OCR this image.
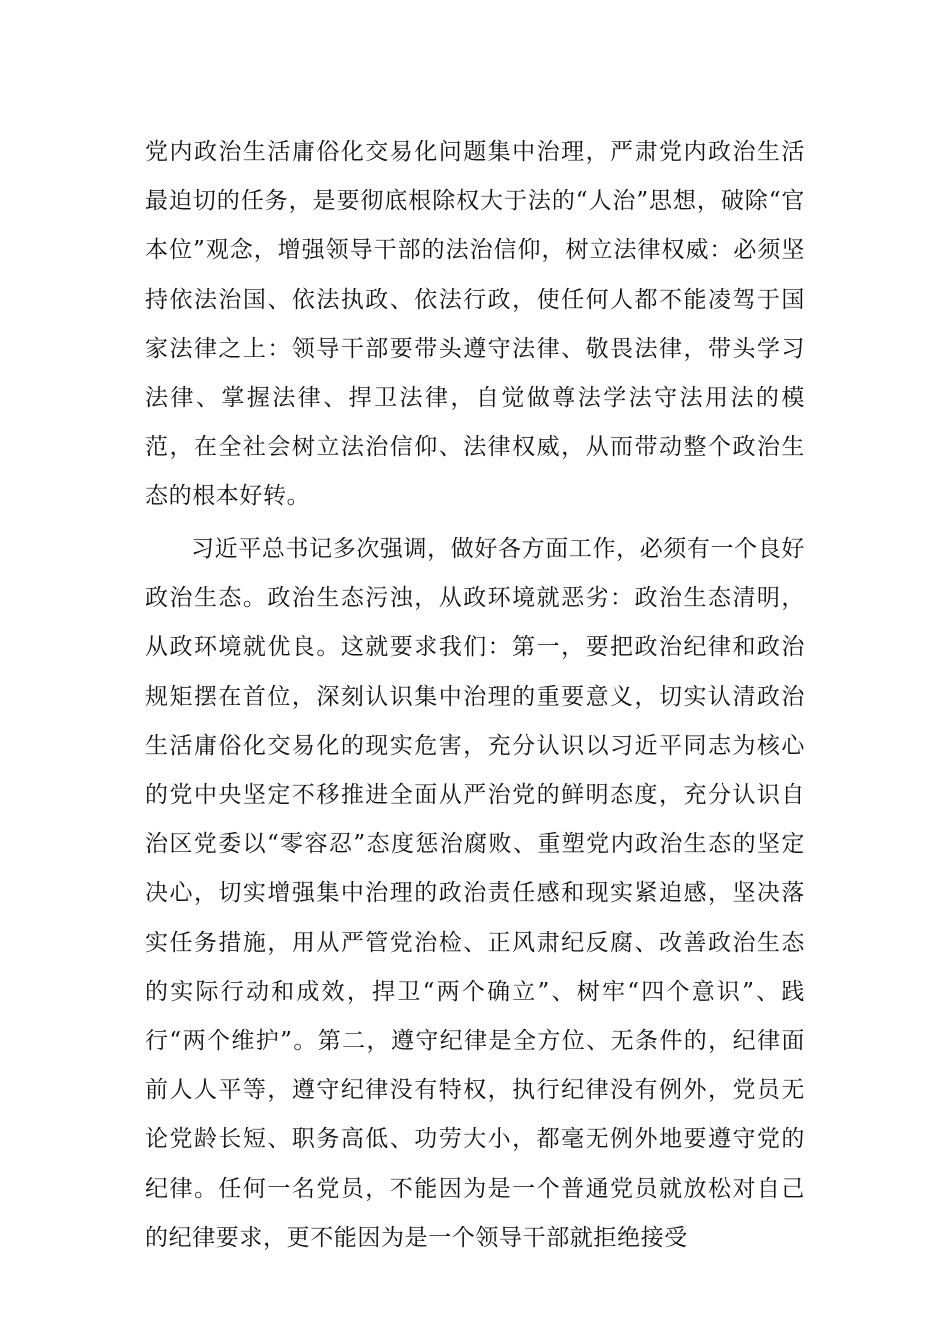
党内政治生活庸俗化交易化问题集中治理，严肃党内政治生活最迫切的任务，是要彻底根除权大于法的“人治”思想，破除“官本位”观念，增强领导干部的法治信仰，树立法律权威：必须坚持依法治国、依法执政、依法行政，使任何人都不能凌驾于国家法律之上：领导干部要带头遵守法律、敬畏法律，带头学习法律、掌握法律、捍卫法律，自觉做尊法学法守法用法的模范，在全社会树立法治信仰、法律权威，从而带动整个政治生态的根本好转。

习近平总书记多次强调，做好各方面工作，必须有一个良好政治生态。政治生态污浊，从政环境就恶劣：政治生态清明，从政环境就优良。这就要求我们：第一，要把政治纪律和政治规矩摆在首位，深刻认识集中治理的重要意义，切实认清政治生活庸俗化交易化的现实危害，充分认识以习近平同志为核心的党中央坚定不移推进全面从严治党的鲜明态度，充分认识自治区党委以“零容忍”态度惩治腐败、重塑党内政治生态的坚定决心，切实增强集中治理的政治责任感和现实紧迫感，坚决落实任务措施，用从严管党治检、正风肃纪反腐、改善政治生态的实际行动和成效，捍卫“两个确立”、树牢“四个意识”、践行“两个维护”。第二，遵守纪律是全方位、无条件的，纪律面前人人平等，遵守纪律没有特权，执行纪律没有例外，党员无论党龄长短、职务高低、功劳大小，都毫无例外地要遵守党的纪律。任何一名党员，不能因为是一个普通党员就放松对自己的纪律要求，更不能因为是一个领导干部就拒绝接受
